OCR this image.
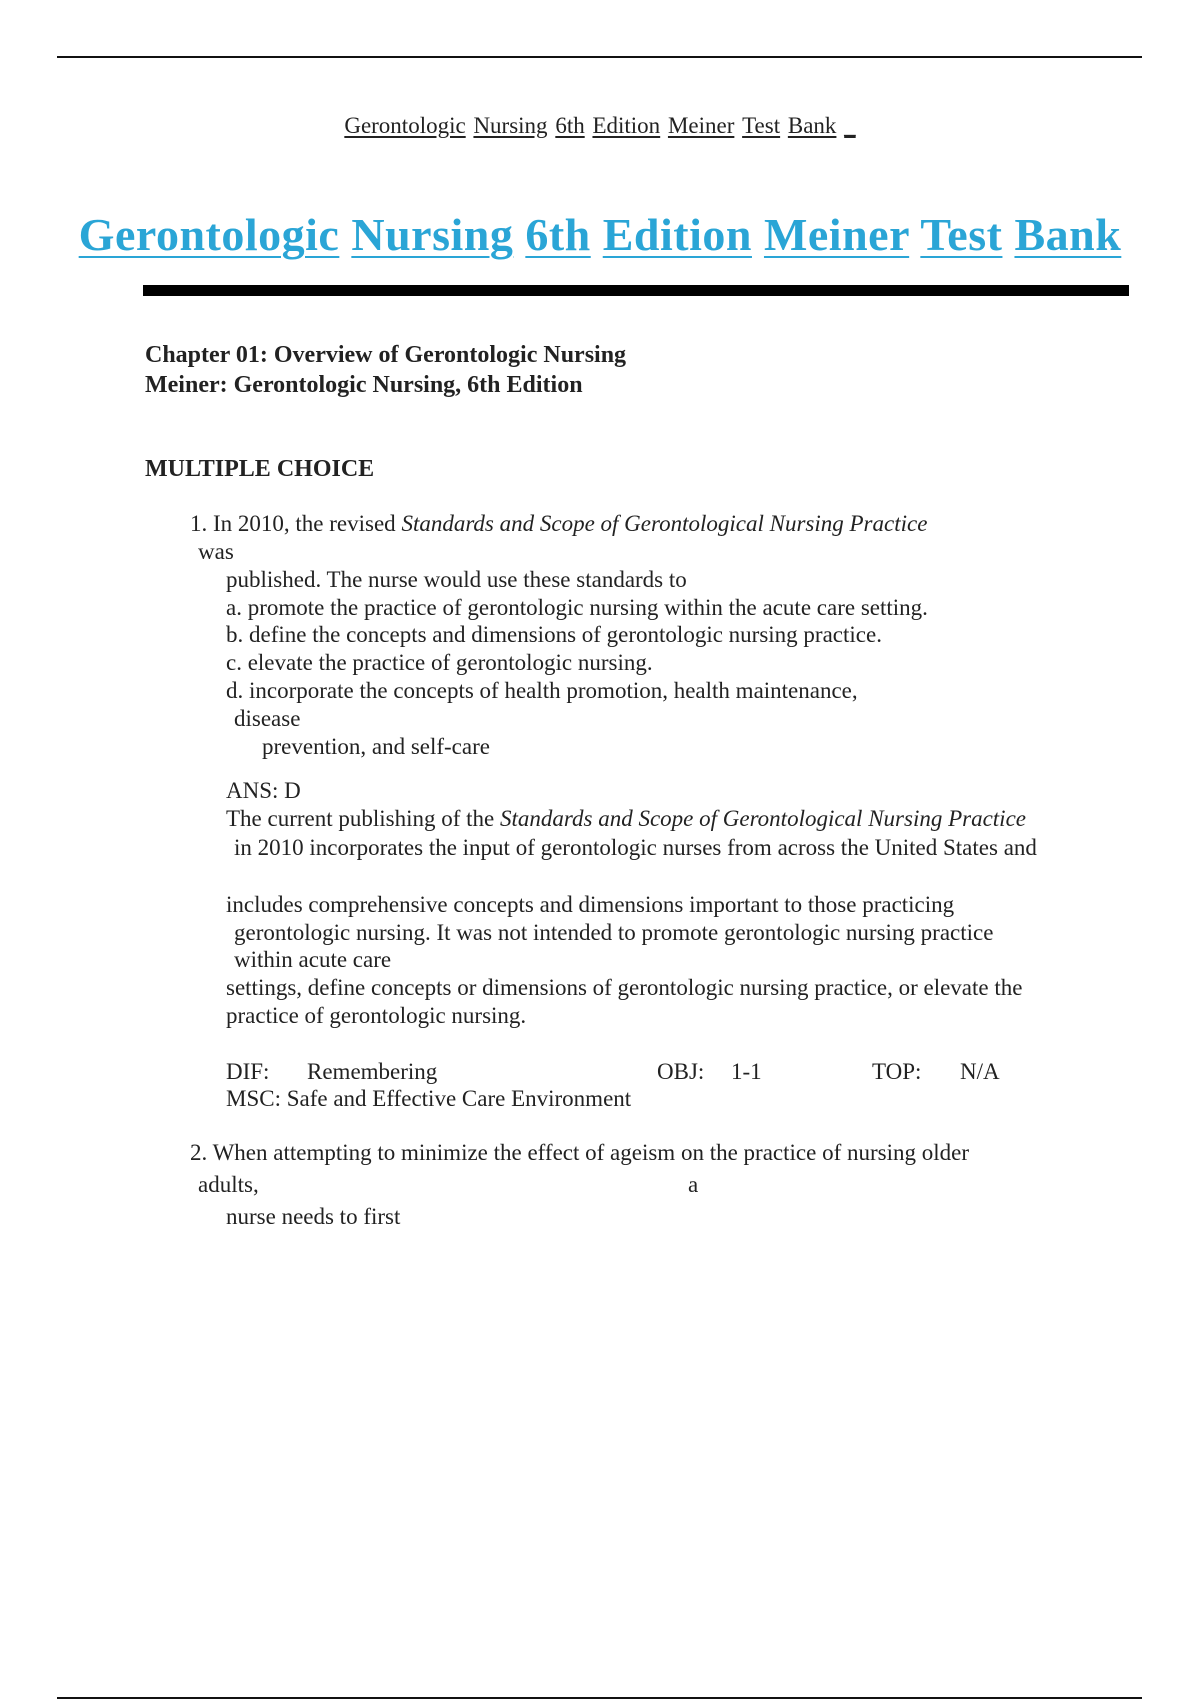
Gerontologic Nursing 6th Edition Meiner Test Bank _
Gerontologic Nursing 6th Edition Meiner Test Bank
Chapter 01: Overview of Gerontologic Nursing
Meiner: Gerontologic Nursing, 6th Edition
MULTIPLE CHOICE
1. In 2010, the revised Standards and Scope of Gerontological Nursing Practice
was
published. The nurse would use these standards to
a. promote the practice of gerontologic nursing within the acute care setting.
b. define the concepts and dimensions of gerontologic nursing practice.
c. elevate the practice of gerontologic nursing.
d. incorporate the concepts of health promotion, health maintenance,
disease
prevention, and self-care
ANS: D
The current publishing of the Standards and Scope of Gerontological Nursing Practice
in 2010 incorporates the input of gerontologic nurses from across the United States and
includes comprehensive concepts and dimensions important to those practicing
gerontologic nursing. It was not intended to promote gerontologic nursing practice
within acute care
settings, define concepts or dimensions of gerontologic nursing practice, or elevate the
practice of gerontologic nursing.
DIF: Remembering	OBJ: 1-1	TOP: N/A
MSC: Safe and Effective Care Environment
2. When attempting to minimize the effect of ageism on the practice of nursing older
adults,	a
nurse needs to first
